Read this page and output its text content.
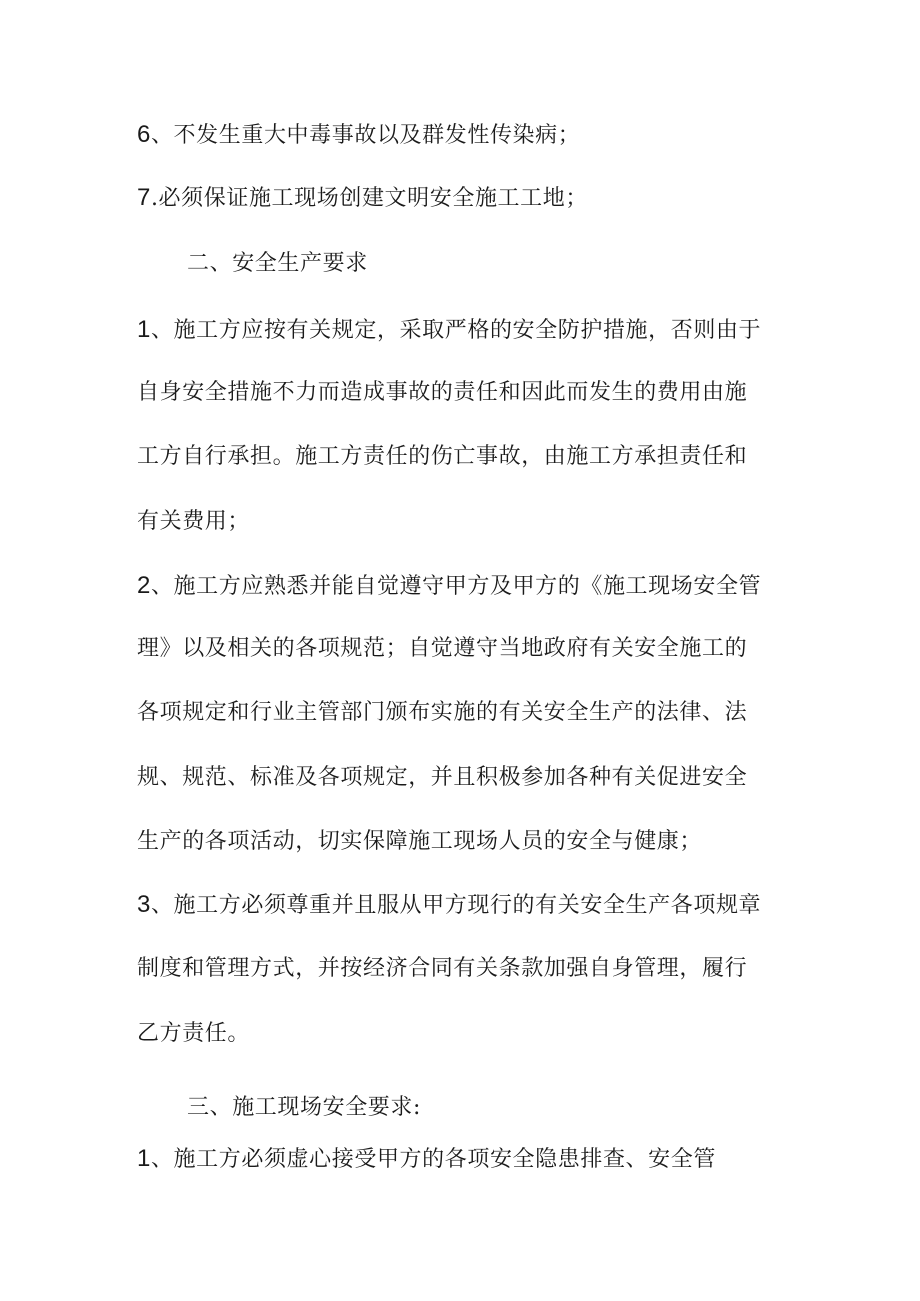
6、不发生重大中毒事故以及群发性传染病；

7.必须保证施工现场创建文明安全施工工地；

二、安全生产要求

1、施工方应按有关规定，采取严格的安全防护措施，否则由于

自身安全措施不力而造成事故的责任和因此而发生的费用由施

工方自行承担。施工方责任的伤亡事故，由施工方承担责任和

有关费用；

2、施工方应熟悉并能自觉遵守甲方及甲方的《施工现场安全管

理》以及相关的各项规范；自觉遵守当地政府有关安全施工的

各项规定和行业主管部门颁布实施的有关安全生产的法律、法

规、规范、标准及各项规定，并且积极参加各种有关促进安全

生产的各项活动，切实保障施工现场人员的安全与健康；

3、施工方必须尊重并且服从甲方现行的有关安全生产各项规章

制度和管理方式，并按经济合同有关条款加强自身管理，履行

乙方责任。

三、施工现场安全要求:

1、施工方必须虚心接受甲方的各项安全隐患排查、安全管
